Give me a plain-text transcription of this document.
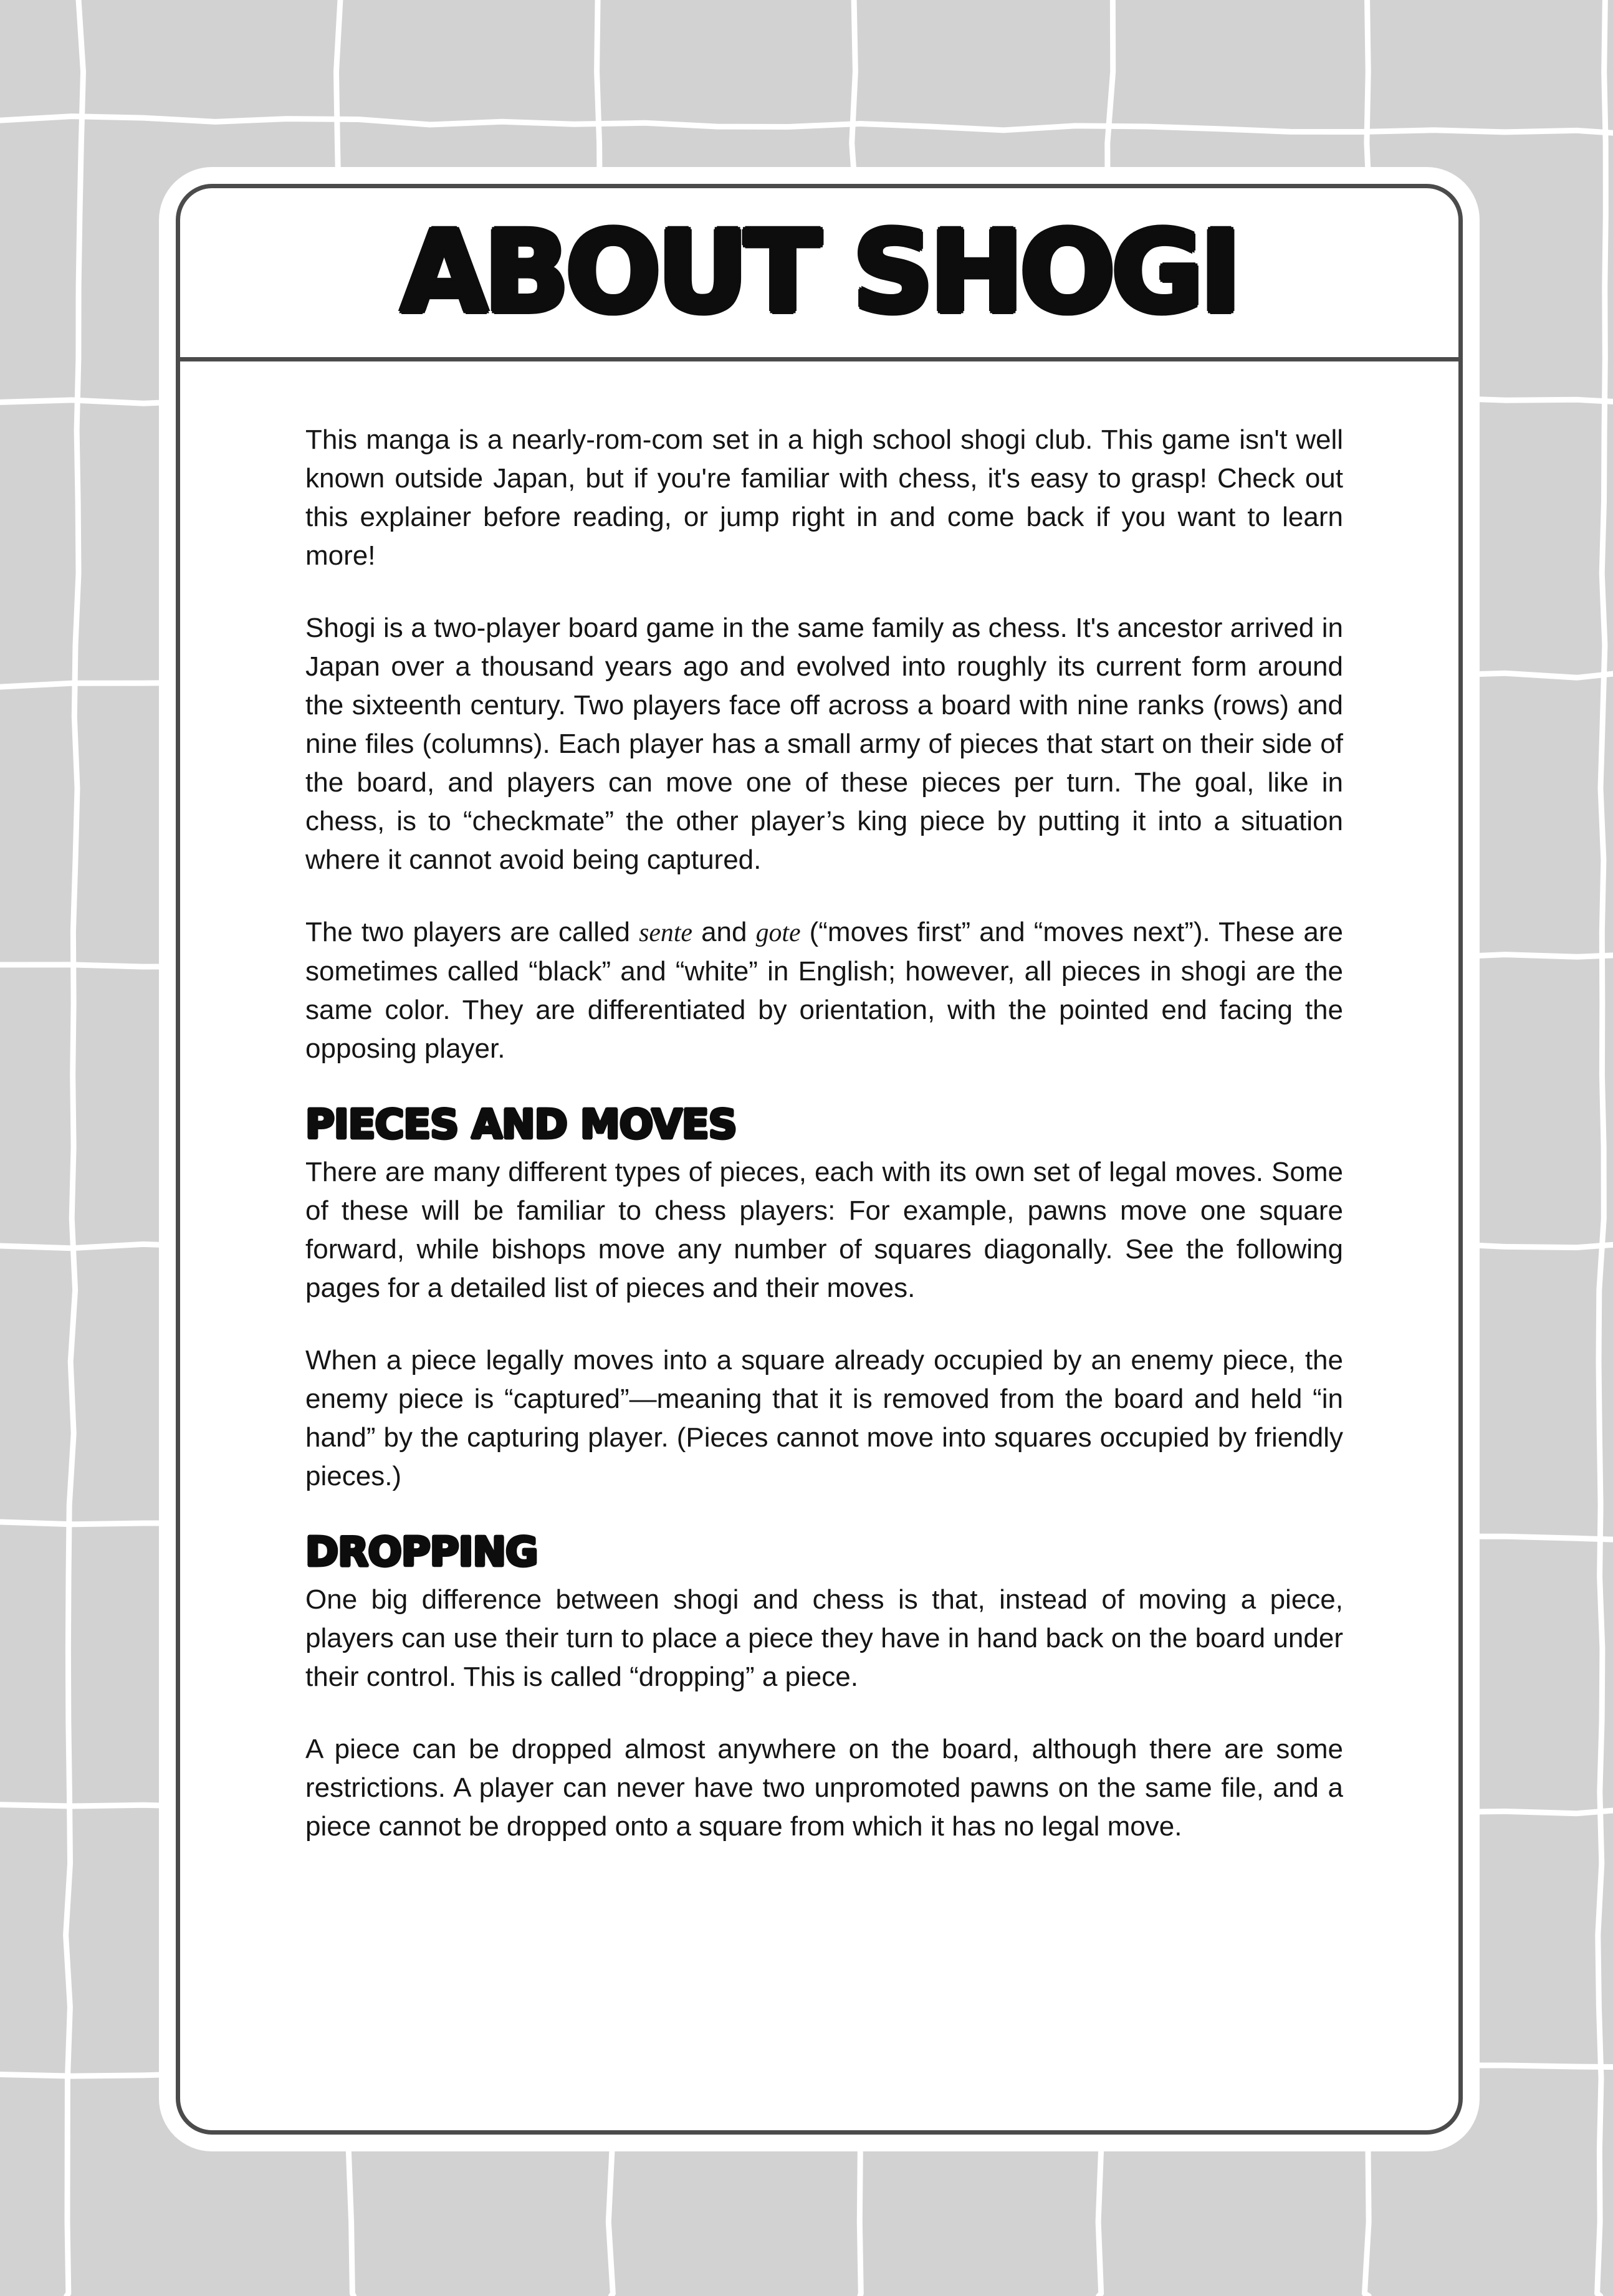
ABOUT SHOGI

This manga is a nearly-rom-com set in a high school shogi club. This game isn't well known outside Japan, but if you're familiar with chess, it's easy to grasp! Check out this explainer before reading, or jump right in and come back if you want to learn more!

Shogi is a two-player board game in the same family as chess. It's ancestor arrived in Japan over a thousand years ago and evolved into roughly its current form around the sixteenth century. Two players face off across a board with nine ranks (rows) and nine files (columns). Each player has a small army of pieces that start on their side of the board, and players can move one of these pieces per turn. The goal, like in chess, is to “checkmate” the other player’s king piece by putting it into a situation where it cannot avoid being captured.

The two players are called sente and gote (“moves first” and “moves next”). These are sometimes called “black” and “white” in English; however, all pieces in shogi are the same color. They are differentiated by orientation, with the pointed end facing the opposing player.

PIECES AND MOVES

There are many different types of pieces, each with its own set of legal moves. Some of these will be familiar to chess players: For example, pawns move one square forward, while bishops move any number of squares diagonally. See the following pages for a detailed list of pieces and their moves.

When a piece legally moves into a square already occupied by an enemy piece, the enemy piece is “captured”—meaning that it is removed from the board and held “in hand” by the capturing player. (Pieces cannot move into squares occupied by friendly pieces.)

DROPPING

One big difference between shogi and chess is that, instead of moving a piece, players can use their turn to place a piece they have in hand back on the board under their control. This is called “dropping” a piece.

A piece can be dropped almost anywhere on the board, although there are some restrictions. A player can never have two unpromoted pawns on the same file, and a piece cannot be dropped onto a square from which it has no legal move.
